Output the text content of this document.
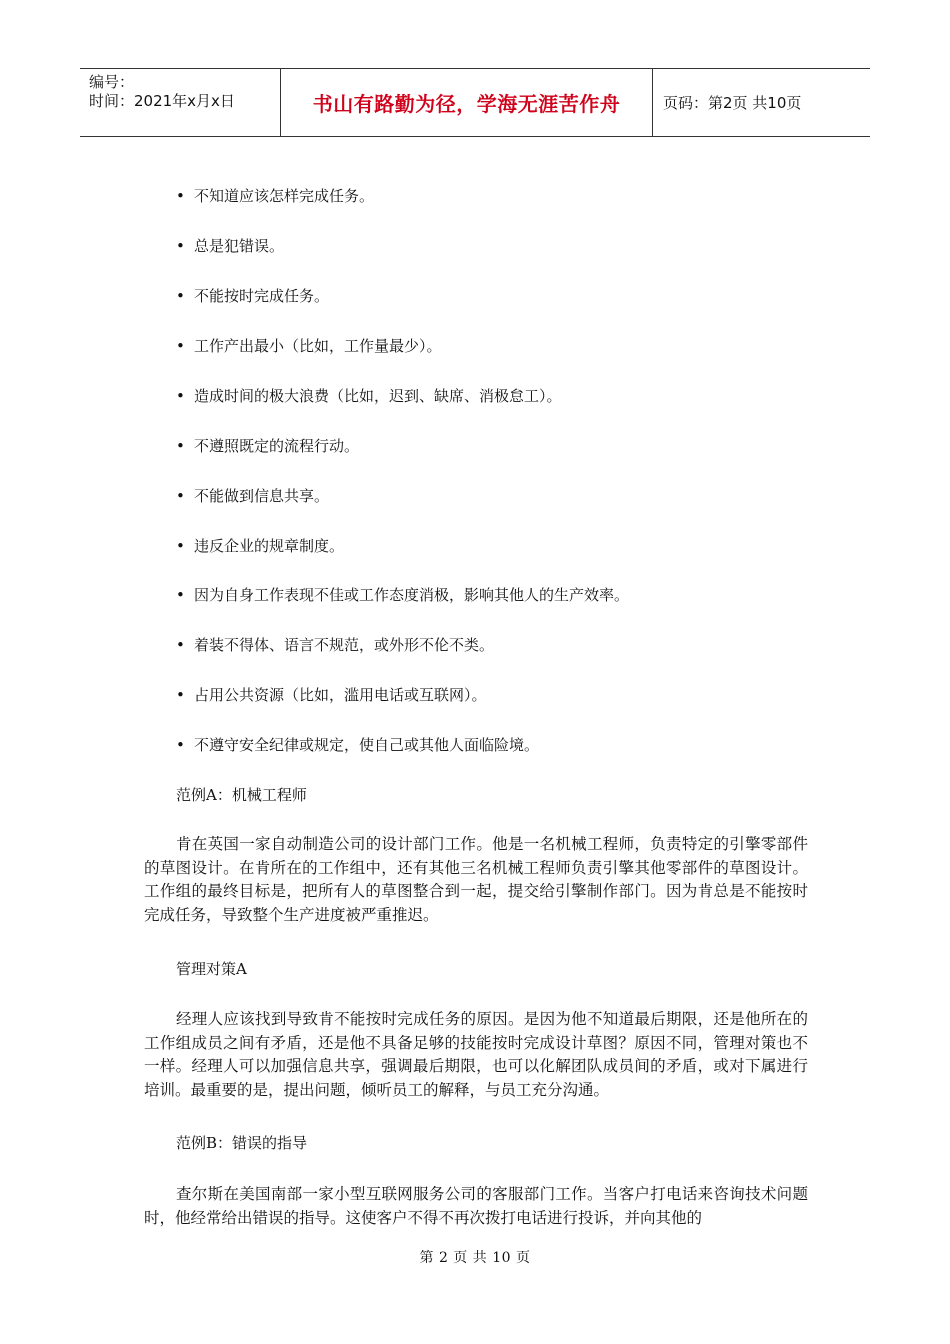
编号：
时间：2021年x月x日	书山有路勤为径，学海无涯苦作舟	页码：第2页 共10页
• 不知道应该怎样完成任务。
• 总是犯错误。
• 不能按时完成任务。
• 工作产出最小（比如，工作量最少）。
• 造成时间的极大浪费（比如，迟到、缺席、消极怠工）。
• 不遵照既定的流程行动。
• 不能做到信息共享。
• 违反企业的规章制度。
• 因为自身工作表现不佳或工作态度消极，影响其他人的生产效率。
• 着装不得体、语言不规范，或外形不伦不类。
• 占用公共资源（比如，滥用电话或互联网）。
• 不遵守安全纪律或规定，使自己或其他人面临险境。
范例A：机械工程师
肯在英国一家自动制造公司的设计部门工作。他是一名机械工程师，负责特定的引擎零部件的草图设计。在肯所在的工作组中，还有其他三名机械工程师负责引擎其他零部件的草图设计。工作组的最终目标是，把所有人的草图整合到一起，提交给引擎制作部门。因为肯总是不能按时完成任务，导致整个生产进度被严重推迟。
管理对策A
经理人应该找到导致肯不能按时完成任务的原因。是因为他不知道最后期限，还是他所在的工作组成员之间有矛盾，还是他不具备足够的技能按时完成设计草图？原因不同，管理对策也不一样。经理人可以加强信息共享，强调最后期限，也可以化解团队成员间的矛盾，或对下属进行培训。最重要的是，提出问题，倾听员工的解释，与员工充分沟通。
范例B：错误的指导
查尔斯在美国南部一家小型互联网服务公司的客服部门工作。当客户打电话来咨询技术问题时，他经常给出错误的指导。这使客户不得不再次拨打电话进行投诉，并向其他的
第 2 页 共 10 页
